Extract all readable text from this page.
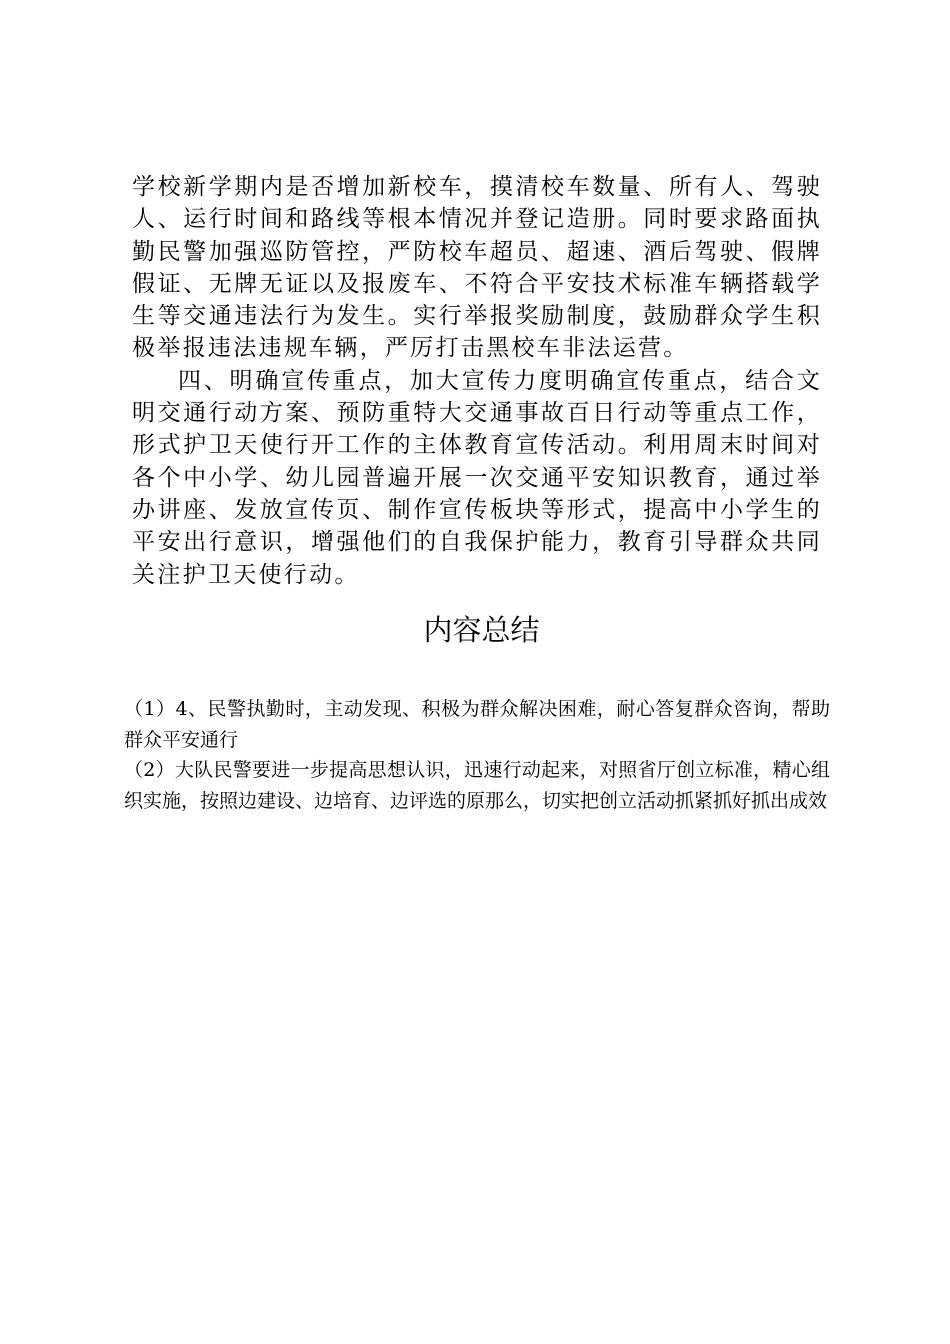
学校新学期内是否增加新校车，摸清校车数量、所有人、驾驶人、运行时间和路线等根本情况并登记造册。同时要求路面执勤民警加强巡防管控，严防校车超员、超速、酒后驾驶、假牌假证、无牌无证以及报废车、不符合平安技术标准车辆搭载学生等交通违法行为发生。实行举报奖励制度，鼓励群众学生积极举报违法违规车辆，严厉打击黑校车非法运营。

四、明确宣传重点，加大宣传力度明确宣传重点，结合文明交通行动方案、预防重特大交通事故百日行动等重点工作，形式护卫天使行开工作的主体教育宣传活动。利用周末时间对各个中小学、幼儿园普遍开展一次交通平安知识教育，通过举办讲座、发放宣传页、制作宣传板块等形式，提高中小学生的平安出行意识，增强他们的自我保护能力，教育引导群众共同关注护卫天使行动。

内容总结

（1）4、民警执勤时，主动发现、积极为群众解决困难，耐心答复群众咨询，帮助群众平安通行

（2）大队民警要进一步提高思想认识，迅速行动起来，对照省厅创立标准，精心组织实施，按照边建设、边培育、边评选的原那么，切实把创立活动抓紧抓好抓出成效
